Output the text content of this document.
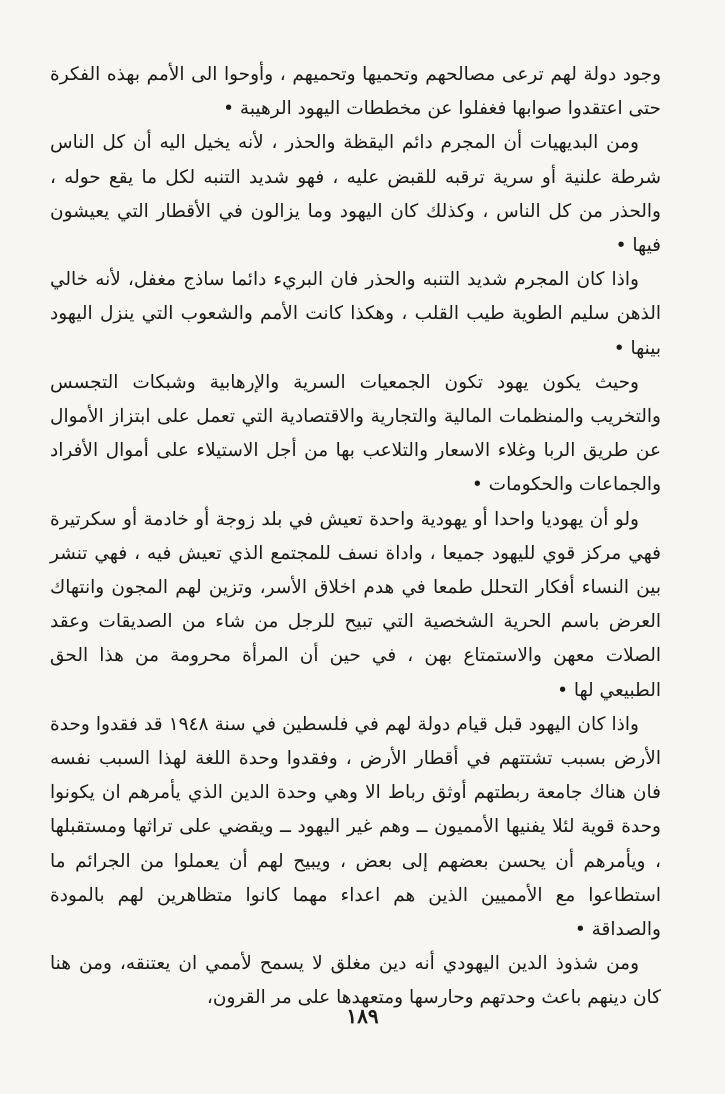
وجود دولة لهم ترعى مصالحهم وتحميها وتحميهم ، وأوحوا الى الأمم بهذه الفكرة حتى اعتقدوا صوابها فغفلوا عن مخططات اليهود الرهيبة •

ومن البديهيات أن المجرم دائم اليقظة والحذر ، لأنه يخيل اليه أن كل الناس شرطة علنية أو سرية ترقبه للقبض عليه ، فهو شديد التنبه لكل ما يقع حوله ، والحذر من كل الناس ، وكذلك كان اليهود وما يزالون في الأقطار التي يعيشون فيها •

واذا كان المجرم شديد التنبه والحذر فان البريء دائما ساذج مغفل، لأنه خالي الذهن سليم الطوية طيب القلب ، وهكذا كانت الأمم والشعوب التي ينزل اليهود بينها •

وحيث يكون يهود تكون الجمعيات السرية والإرهابية وشبكات التجسس والتخريب والمنظمات المالية والتجارية والاقتصادية التي تعمل على ابتزاز الأموال عن طريق الربا وغلاء الاسعار والتلاعب بها من أجل الاستيلاء على أموال الأفراد والجماعات والحكومات •

ولو أن يهوديا واحدا أو يهودية واحدة تعيش في بلد زوجة أو خادمة أو سكرتيرة فهي مركز قوي لليهود جميعا ، واداة نسف للمجتمع الذي تعيش فيه ، فهي تنشر بين النساء أفكار التحلل طمعا في هدم اخلاق الأسر، وتزين لهم المجون وانتهاك العرض باسم الحرية الشخصية التي تبيح للرجل من شاء من الصديقات وعقد الصلات معهن والاستمتاع بهن ، في حين أن المرأة محرومة من هذا الحق الطبيعي لها •

واذا كان اليهود قبل قيام دولة لهم في فلسطين في سنة ١٩٤٨ قد فقدوا وحدة الأرض بسبب تشتتهم في أقطار الأرض ، وفقدوا وحدة اللغة لهذا السبب نفسه فان هناك جامعة ربطتهم أوثق رباط الا وهي وحدة الدين الذي يأمرهم ان يكونوا وحدة قوية لئلا يفنيها الأمميون ــ وهم غير اليهود ــ ويقضي على تراثها ومستقبلها ، ويأمرهم أن يحسن بعضهم إلى بعض ، ويبيح لهم أن يعملوا من الجرائم ما استطاعوا مع الأمميين الذين هم اعداء مهما كانوا متظاهرين لهم بالمودة والصداقة •

ومن شذوذ الدين اليهودي أنه دين مغلق لا يسمح لأممي ان يعتنقه، ومن هنا كان دينهم باعث وحدتهم وحارسها ومتعهدها على مر القرون،

١٨٩
